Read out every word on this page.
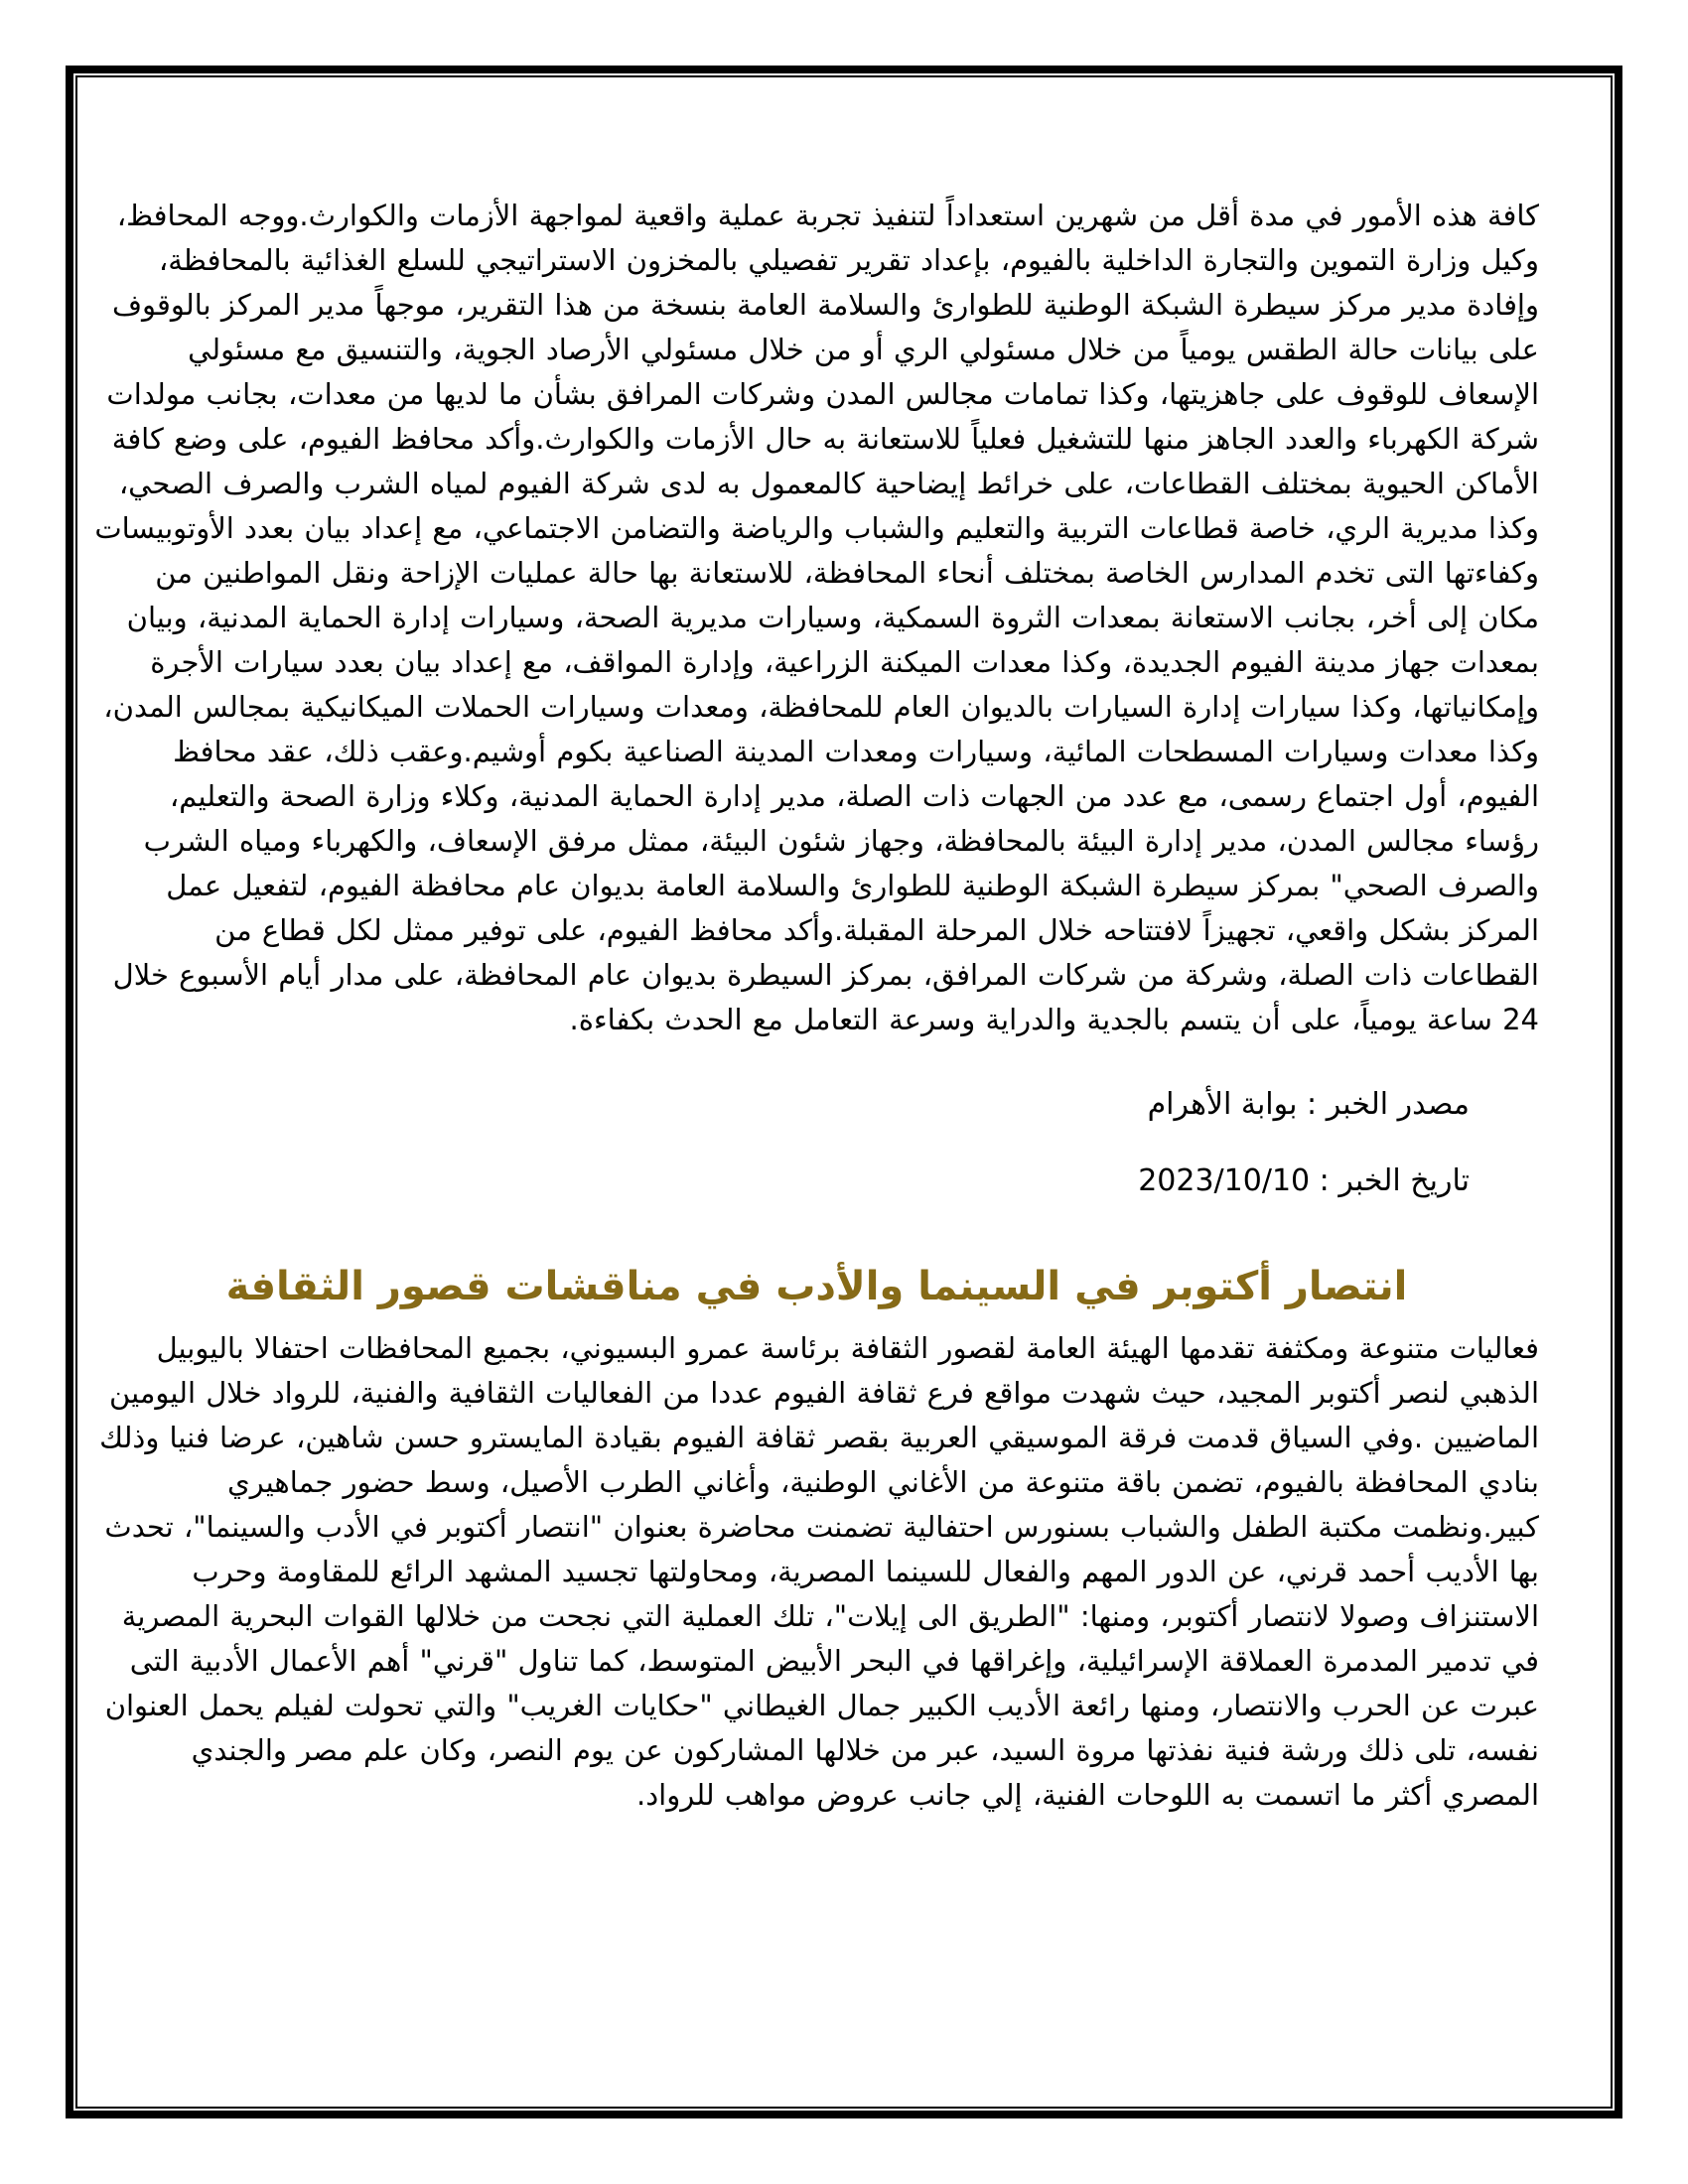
كافة هذه الأمور في مدة أقل من شهرين استعداداً لتنفيذ تجربة عملية واقعية لمواجهة الأزمات والكوارث.ووجه المحافظ، وكيل وزارة التموين والتجارة الداخلية بالفيوم، بإعداد تقرير تفصيلي بالمخزون الاستراتيجي للسلع الغذائية بالمحافظة، وإفادة مدير مركز سيطرة الشبكة الوطنية للطوارئ والسلامة العامة بنسخة من هذا التقرير، موجهاً مدير المركز بالوقوف على بيانات حالة الطقس يومياً من خلال مسئولي الري أو من خلال مسئولي الأرصاد الجوية، والتنسيق مع مسئولي الإسعاف للوقوف على جاهزيتها، وكذا تمامات مجالس المدن وشركات المرافق بشأن ما لديها من معدات، بجانب مولدات شركة الكهرباء والعدد الجاهز منها للتشغيل فعلياً للاستعانة به حال الأزمات والكوارث.وأكد محافظ الفيوم، على وضع كافة الأماكن الحيوية بمختلف القطاعات، على خرائط إيضاحية كالمعمول به لدى شركة الفيوم لمياه الشرب والصرف الصحي، وكذا مديرية الري، خاصة قطاعات التربية والتعليم والشباب والرياضة والتضامن الاجتماعي، مع إعداد بيان بعدد الأوتوبيسات وكفاءتها التى تخدم المدارس الخاصة بمختلف أنحاء المحافظة، للاستعانة بها حالة عمليات الإزاحة ونقل المواطنين من مكان إلى أخر، بجانب الاستعانة بمعدات الثروة السمكية، وسيارات مديرية الصحة، وسيارات إدارة الحماية المدنية، وبيان بمعدات جهاز مدينة الفيوم الجديدة، وكذا معدات الميكنة الزراعية، وإدارة المواقف، مع إعداد بيان بعدد سيارات الأجرة وإمكانياتها، وكذا سيارات إدارة السيارات بالديوان العام للمحافظة، ومعدات وسيارات الحملات الميكانيكية بمجالس المدن، وكذا معدات وسيارات المسطحات المائية، وسيارات ومعدات المدينة الصناعية بكوم أوشيم.وعقب ذلك، عقد محافظ الفيوم، أول اجتماع رسمى، مع عدد من الجهات ذات الصلة، مدير إدارة الحماية المدنية، وكلاء وزارة الصحة والتعليم، رؤساء مجالس المدن، مدير إدارة البيئة بالمحافظة، وجهاز شئون البيئة، ممثل مرفق الإسعاف، والكهرباء ومياه الشرب والصرف الصحي" بمركز سيطرة الشبكة الوطنية للطوارئ والسلامة العامة بديوان عام محافظة الفيوم، لتفعيل عمل المركز بشكل واقعي، تجهيزاً لافتتاحه خلال المرحلة المقبلة.وأكد محافظ الفيوم، على توفير ممثل لكل قطاع من القطاعات ذات الصلة، وشركة من شركات المرافق، بمركز السيطرة بديوان عام المحافظة، على مدار أيام الأسبوع خلال 24 ساعة يومياً، على أن يتسم بالجدية والدراية وسرعة التعامل مع الحدث بكفاءة.

مصدر الخبر : بوابة الأهرام

تاريخ الخبر : 2023/10/10

انتصار أكتوبر في السينما والأدب في مناقشات قصور الثقافة

فعاليات متنوعة ومكثفة تقدمها الهيئة العامة لقصور الثقافة برئاسة عمرو البسيوني، بجميع المحافظات احتفالا باليوبيل الذهبي لنصر أكتوبر المجيد، حيث شهدت مواقع فرع ثقافة الفيوم عددا من الفعاليات الثقافية والفنية، للرواد خلال اليومين الماضيين .وفي السياق قدمت فرقة الموسيقي العربية بقصر ثقافة الفيوم بقيادة المايسترو حسن شاهين، عرضا فنيا وذلك بنادي المحافظة بالفيوم، تضمن باقة متنوعة من الأغاني الوطنية، وأغاني الطرب الأصيل، وسط حضور جماهيري كبير.ونظمت مكتبة الطفل والشباب بسنورس احتفالية تضمنت محاضرة بعنوان "انتصار أكتوبر في الأدب والسينما"، تحدث بها الأديب أحمد قرني، عن الدور المهم والفعال للسينما المصرية، ومحاولتها تجسيد المشهد الرائع للمقاومة وحرب الاستنزاف وصولا لانتصار أكتوبر، ومنها: "الطريق الى إيلات"، تلك العملية التي نجحت من خلالها القوات البحرية المصرية في تدمير المدمرة العملاقة الإسرائيلية، وإغراقها في البحر الأبيض المتوسط، كما تناول "قرني" أهم الأعمال الأدبية التى عبرت عن الحرب والانتصار، ومنها رائعة الأديب الكبير جمال الغيطاني "حكايات الغريب" والتي تحولت لفيلم يحمل العنوان نفسه، تلى ذلك ورشة فنية نفذتها مروة السيد، عبر من خلالها المشاركون عن يوم النصر، وكان علم مصر والجندي المصري أكثر ما اتسمت به اللوحات الفنية، إلي جانب عروض مواهب للرواد.
